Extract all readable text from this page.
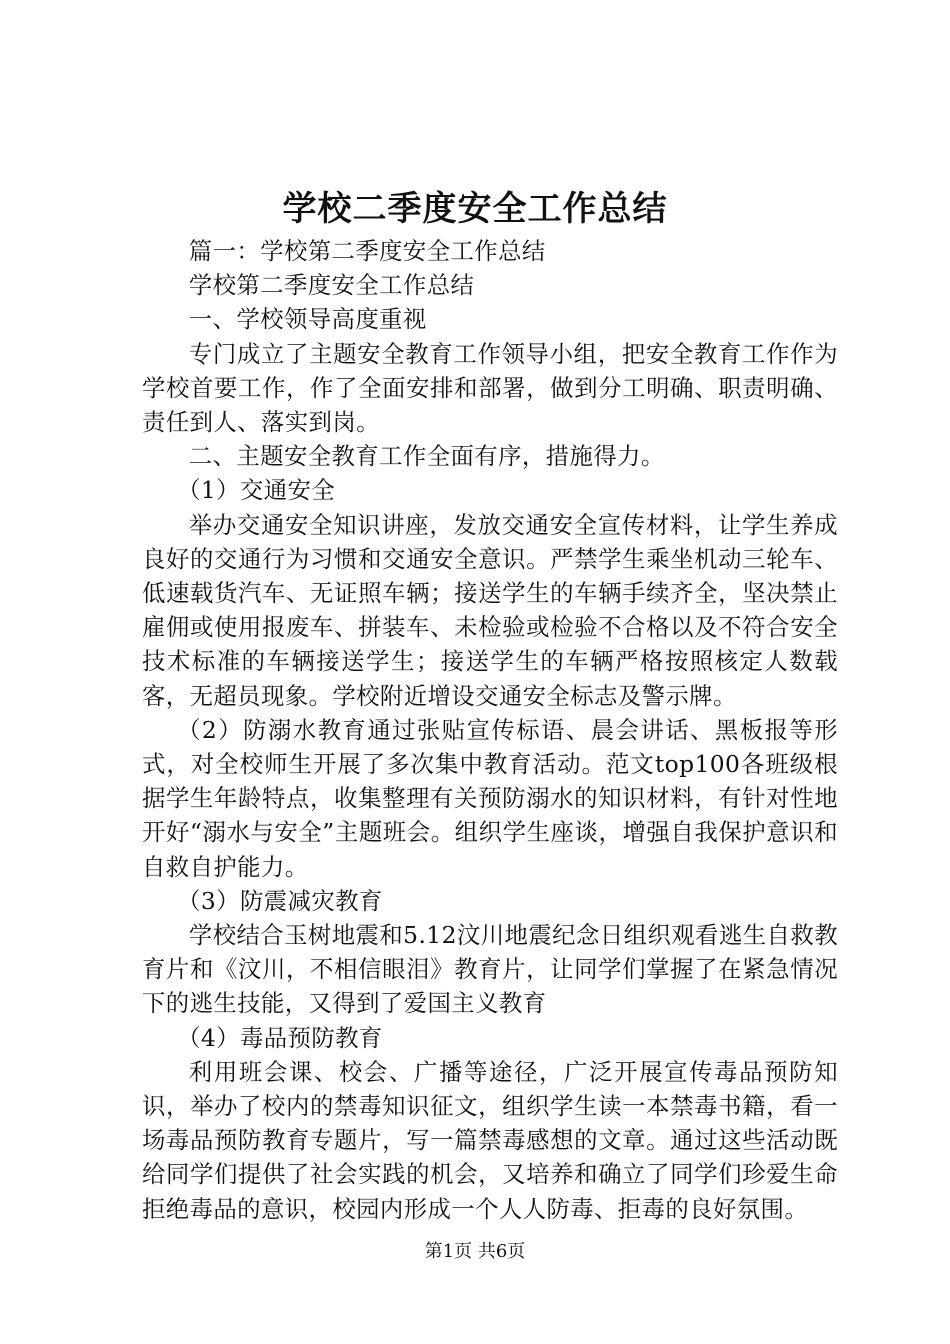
学校二季度安全工作总结

篇一：学校第二季度安全工作总结

学校第二季度安全工作总结

一、学校领导高度重视

专门成立了主题安全教育工作领导小组，把安全教育工作作为学校首要工作，作了全面安排和部署，做到分工明确、职责明确、责任到人、落实到岗。

二、主题安全教育工作全面有序，措施得力。

（1）交通安全

举办交通安全知识讲座，发放交通安全宣传材料，让学生养成良好的交通行为习惯和交通安全意识。严禁学生乘坐机动三轮车、低速载货汽车、无证照车辆；接送学生的车辆手续齐全，坚决禁止雇佣或使用报废车、拼装车、未检验或检验不合格以及不符合安全技术标准的车辆接送学生；接送学生的车辆严格按照核定人数载客，无超员现象。学校附近增设交通安全标志及警示牌。

（2）防溺水教育通过张贴宣传标语、晨会讲话、黑板报等形式，对全校师生开展了多次集中教育活动。范文top100各班级根据学生年龄特点，收集整理有关预防溺水的知识材料，有针对性地开好“溺水与安全”主题班会。组织学生座谈，增强自我保护意识和自救自护能力。

（3）防震减灾教育

学校结合玉树地震和5.12汶川地震纪念日组织观看逃生自救教育片和《汶川，不相信眼泪》教育片，让同学们掌握了在紧急情况下的逃生技能，又得到了爱国主义教育

（4）毒品预防教育

利用班会课、校会、广播等途径，广泛开展宣传毒品预防知识，举办了校内的禁毒知识征文，组织学生读一本禁毒书籍，看一场毒品预防教育专题片，写一篇禁毒感想的文章。通过这些活动既给同学们提供了社会实践的机会，又培养和确立了同学们珍爱生命拒绝毒品的意识，校园内形成一个人人防毒、拒毒的良好氛围。

第1页 共6页
